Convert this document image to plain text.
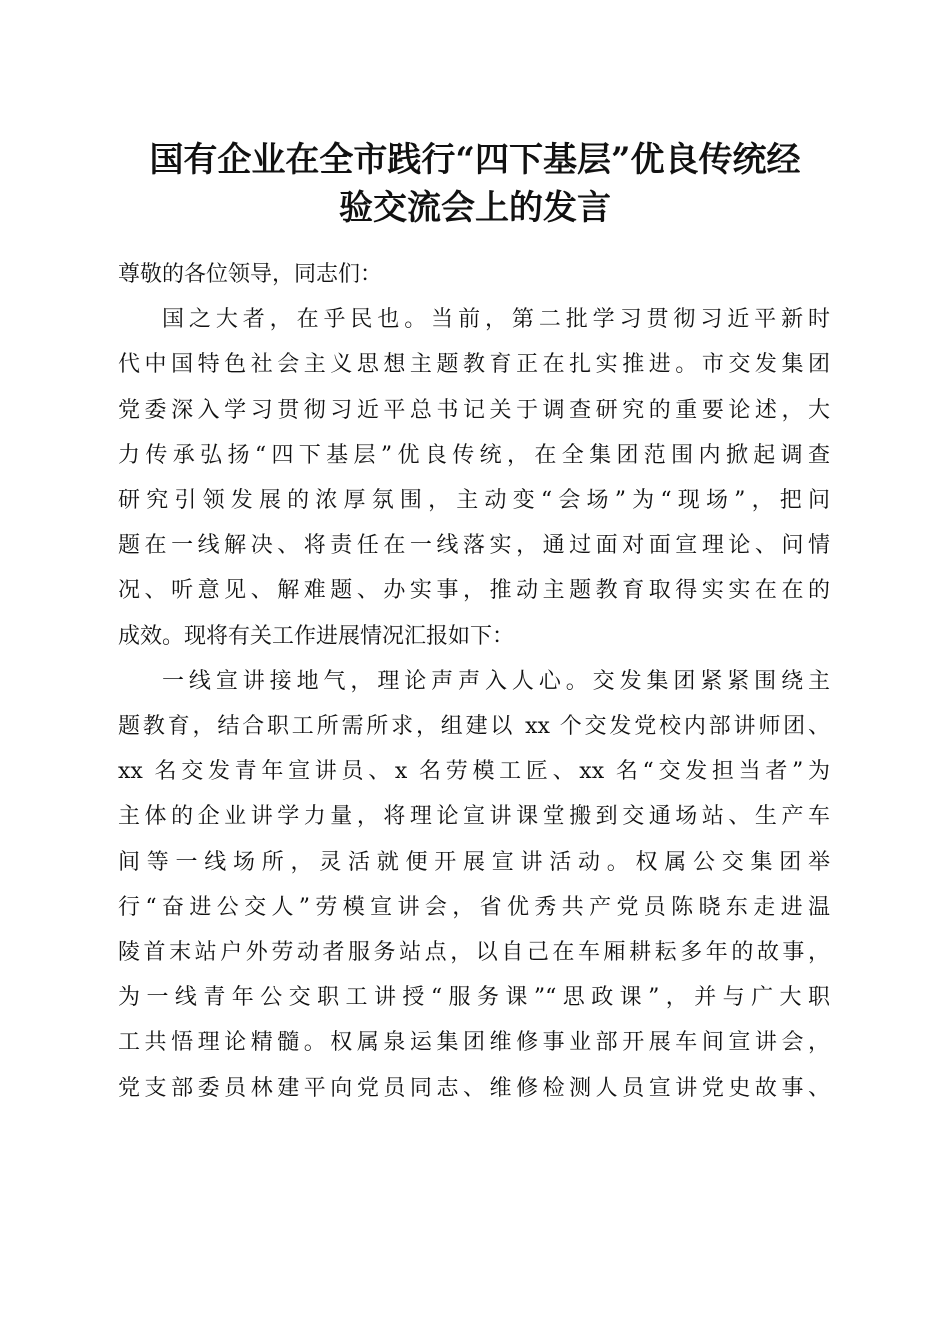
国有企业在全市践行“四下基层”优良传统经
验交流会上的发言

尊敬的各位领导，同志们：

国之大者，在乎民也。当前，第二批学习贯彻习近平新时
代中国特色社会主义思想主题教育正在扎实推进。市交发集团
党委深入学习贯彻习近平总书记关于调查研究的重要论述，大
力传承弘扬“四下基层”优良传统，在全集团范围内掀起调查
研究引领发展的浓厚氛围，主动变“会场”为“现场”，把问
题在一线解决、将责任在一线落实，通过面对面宣理论、问情
况、听意见、解难题、办实事，推动主题教育取得实实在在的
成效。现将有关工作进展情况汇报如下：

一线宣讲接地气，理论声声入人心。交发集团紧紧围绕主
题教育，结合职工所需所求，组建以 xx 个交发党校内部讲师团、
xx 名交发青年宣讲员、x 名劳模工匠、xx 名“交发担当者”为
主体的企业讲学力量，将理论宣讲课堂搬到交通场站、生产车
间等一线场所，灵活就便开展宣讲活动。权属公交集团举
行“奋进公交人”劳模宣讲会，省优秀共产党员陈晓东走进温
陵首末站户外劳动者服务站点，以自己在车厢耕耘多年的故事，
为一线青年公交职工讲授“服务课”“思政课”，并与广大职
工共悟理论精髓。权属泉运集团维修事业部开展车间宣讲会，
党支部委员林建平向党员同志、维修检测人员宣讲党史故事、
